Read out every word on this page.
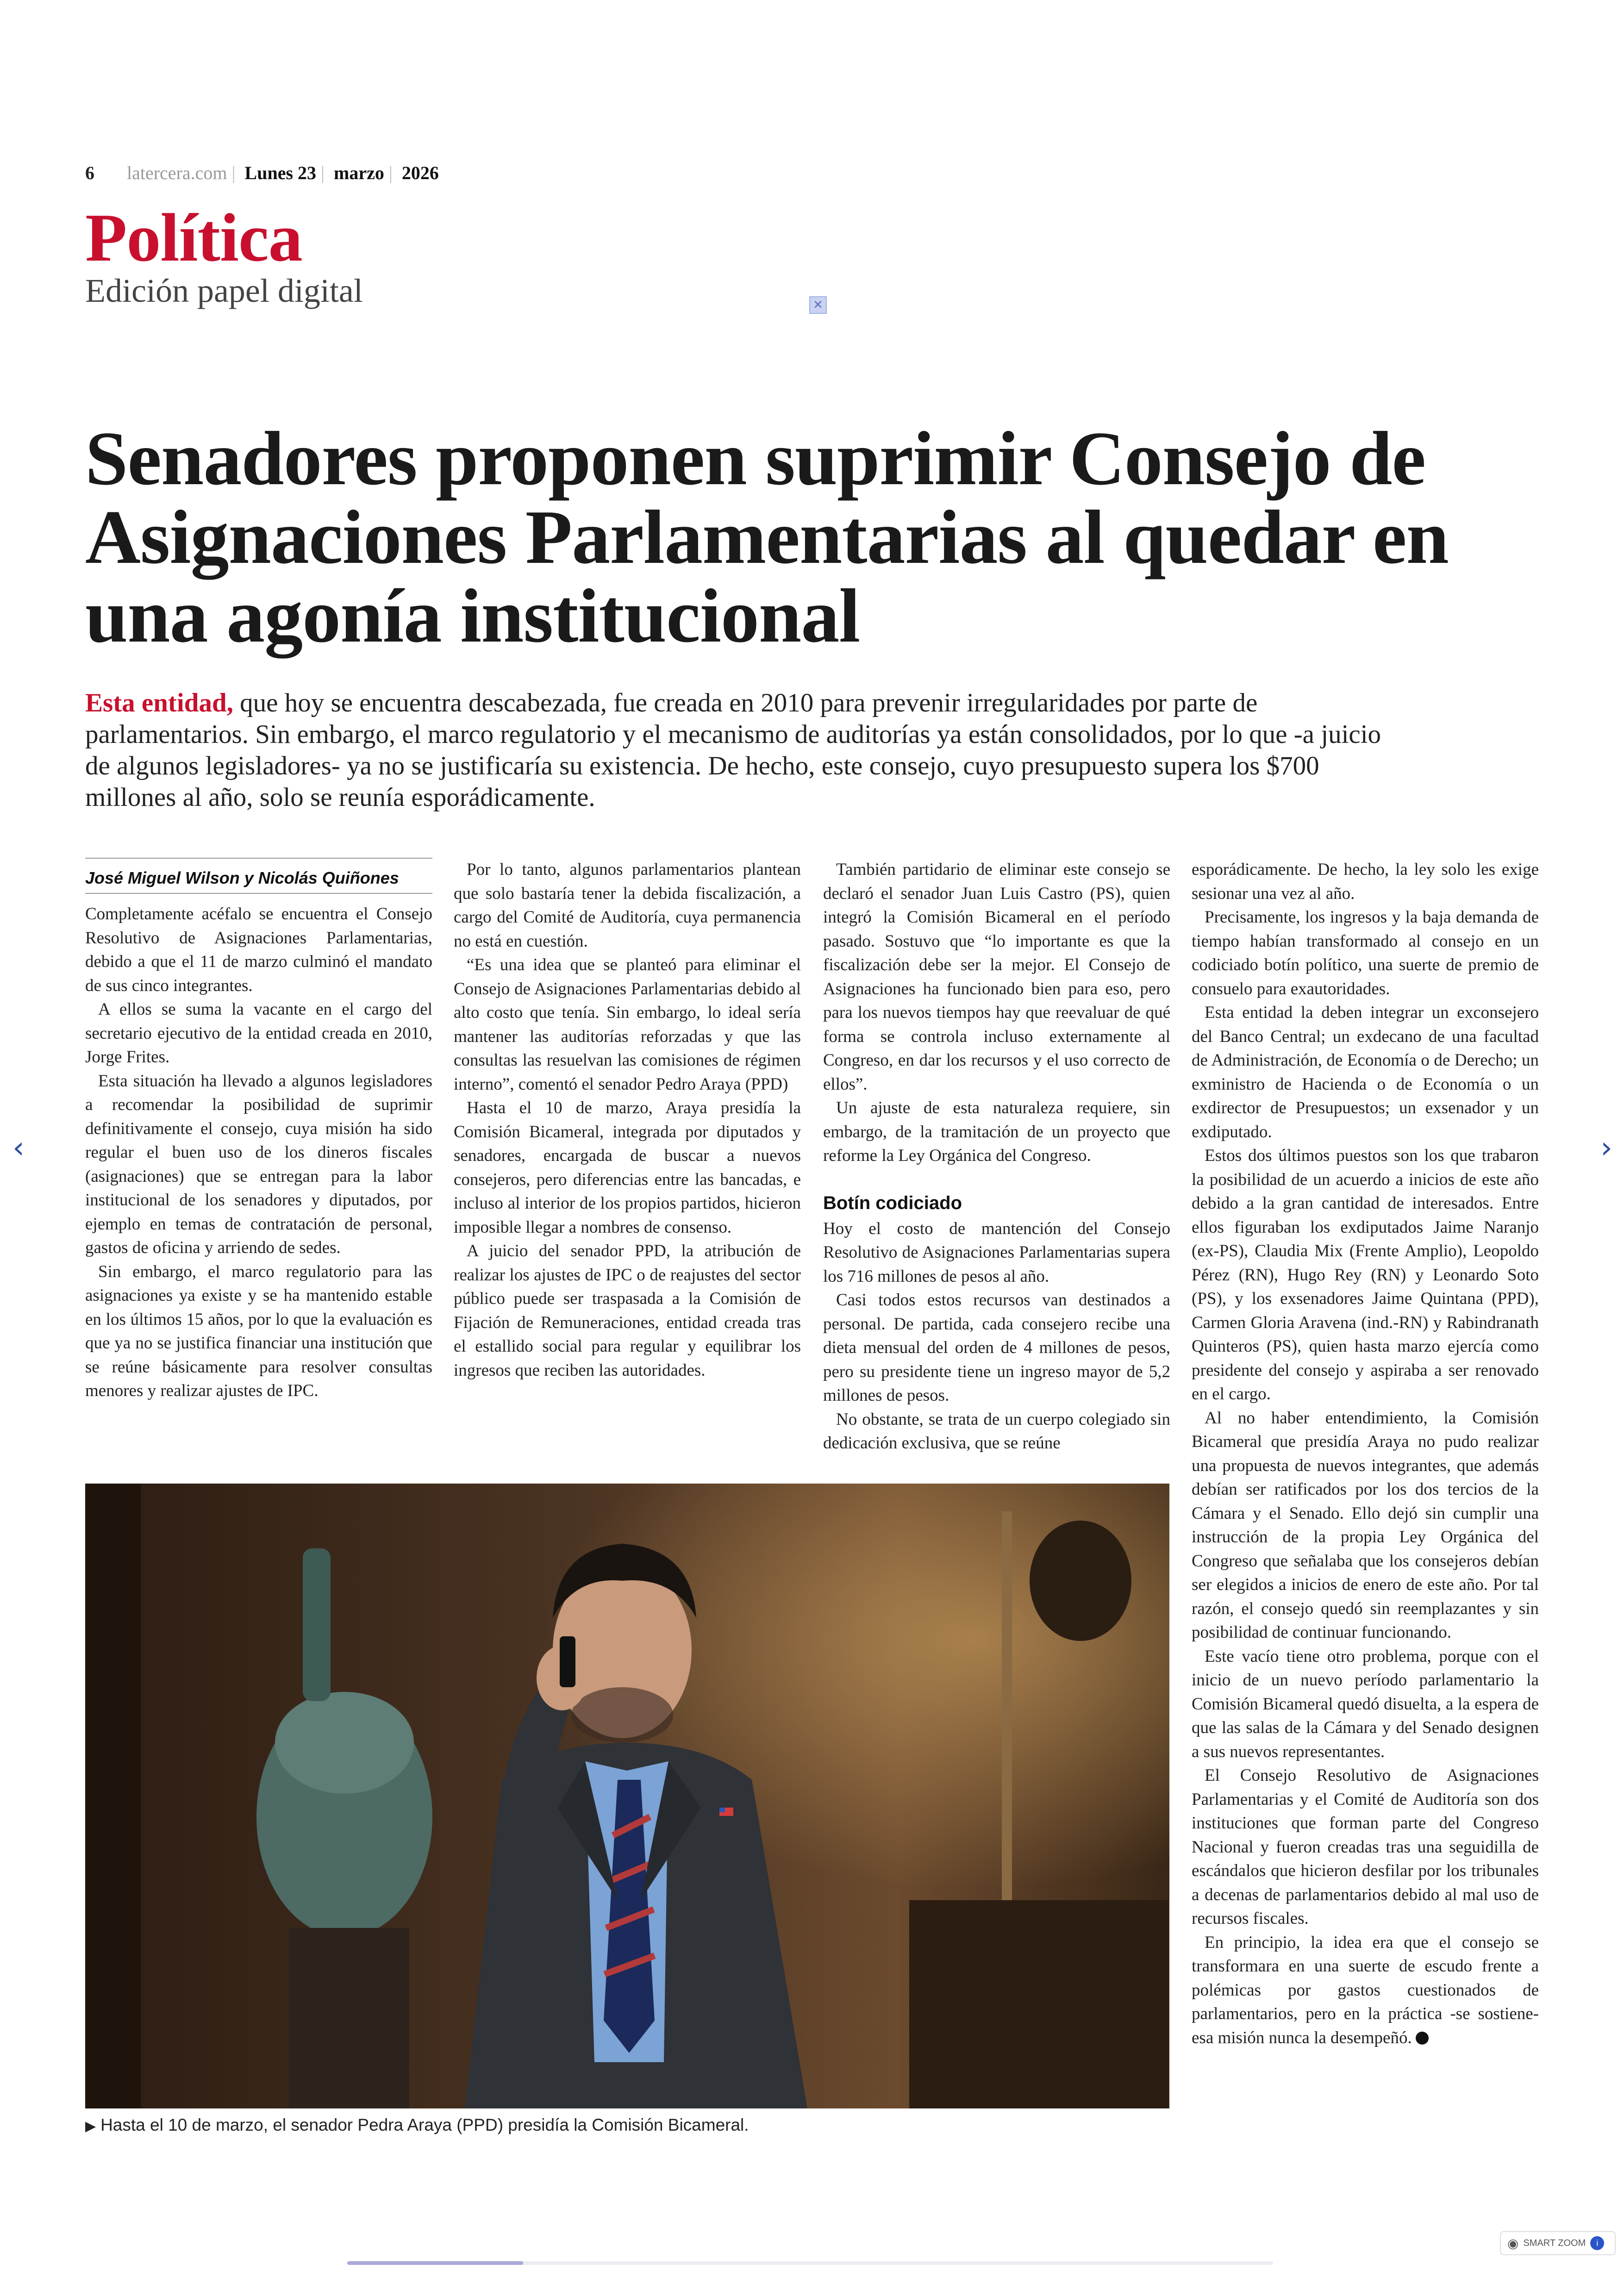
6 latercera.com | Lunes 23 | marzo | 2026
Política
Edición papel digital	✕
Senadores proponen suprimir Consejo de Asignaciones Parlamentarias al quedar en una agonía institucional
Esta entidad, que hoy se encuentra descabezada, fue creada en 2010 para prevenir irregularidades por parte de parlamentarios. Sin embargo, el marco regulatorio y el mecanismo de auditorías ya están consolidados, por lo que -a juicio de algunos legisladores- ya no se justificaría su existencia. De hecho, este consejo, cuyo presupuesto supera los $700 millones al año, solo se reunía esporádicamente.
José Miguel Wilson y Nicolás Quiñones

Completamente acéfalo se encuentra el Consejo Resolutivo de Asignaciones Parlamentarias, debido a que el 11 de marzo culminó el mandato de sus cinco integrantes.

A ellos se suma la vacante en el cargo del secretario ejecutivo de la entidad creada en 2010, Jorge Frites.

Esta situación ha llevado a algunos legisladores a recomendar la posibilidad de suprimir definitivamente el consejo, cuya misión ha sido regular el buen uso de los dineros fiscales (asignaciones) que se entregan para la labor institucional de los senadores y diputados, por ejemplo en temas de contratación de personal, gastos de oficina y arriendo de sedes.

Sin embargo, el marco regulatorio para las asignaciones ya existe y se ha mantenido estable en los últimos 15 años, por lo que la evaluación es que ya no se justifica financiar una institución que se reúne básicamente para resolver consultas menores y realizar ajustes de IPC.

Por lo tanto, algunos parlamentarios plantean que solo bastaría tener la debida fiscalización, a cargo del Comité de Auditoría, cuya permanencia no está en cuestión.

“Es una idea que se planteó para eliminar el Consejo de Asignaciones Parlamentarias debido al alto costo que tenía. Sin embargo, lo ideal sería mantener las auditorías reforzadas y que las consultas las resuelvan las comisiones de régimen interno”, comentó el senador Pedro Araya (PPD)

Hasta el 10 de marzo, Araya presidía la Comisión Bicameral, integrada por diputados y senadores, encargada de buscar a nuevos consejeros, pero diferencias entre las bancadas, e incluso al interior de los propios partidos, hicieron imposible llegar a nombres de consenso.

A juicio del senador PPD, la atribución de realizar los ajustes de IPC o de reajustes del sector público puede ser traspasada a la Comisión de Fijación de Remuneraciones, entidad creada tras el estallido social para regular y equilibrar los ingresos que reciben las autoridades.

También partidario de eliminar este consejo se declaró el senador Juan Luis Castro (PS), quien integró la Comisión Bicameral en el período pasado. Sostuvo que “lo importante es que la fiscalización debe ser la mejor. El Consejo de Asignaciones ha funcionado bien para eso, pero para los nuevos tiempos hay que reevaluar de qué forma se controla incluso externamente al Congreso, en dar los recursos y el uso correcto de ellos”.

Un ajuste de esta naturaleza requiere, sin embargo, de la tramitación de un proyecto que reforme la Ley Orgánica del Congreso.

Botín codiciado

Hoy el costo de mantención del Consejo Resolutivo de Asignaciones Parlamentarias supera los 716 millones de pesos al año.

Casi todos estos recursos van destinados a personal. De partida, cada consejero recibe una dieta mensual del orden de 4 millones de pesos, pero su presidente tiene un ingreso mayor de 5,2 millones de pesos.

No obstante, se trata de un cuerpo colegiado sin dedicación exclusiva, que se reúne

esporádicamente. De hecho, la ley solo les exige sesionar una vez al año.

Precisamente, los ingresos y la baja demanda de tiempo habían transformado al consejo en un codiciado botín político, una suerte de premio de consuelo para exautoridades.

Esta entidad la deben integrar un exconsejero del Banco Central; un exdecano de una facultad de Administración, de Economía o de Derecho; un exministro de Hacienda o de Economía o un exdirector de Presupuestos; un exsenador y un exdiputado.

Estos dos últimos puestos son los que trabaron la posibilidad de un acuerdo a inicios de este año debido a la gran cantidad de interesados. Entre ellos figuraban los exdiputados Jaime Naranjo (ex-PS), Claudia Mix (Frente Amplio), Leopoldo Pérez (RN), Hugo Rey (RN) y Leonardo Soto (PS), y los exsenadores Jaime Quintana (PPD), Carmen Gloria Aravena (ind.-RN) y Rabindranath Quinteros (PS), quien hasta marzo ejercía como presidente del consejo y aspiraba a ser renovado en el cargo.

Al no haber entendimiento, la Comisión Bicameral que presidía Araya no pudo realizar una propuesta de nuevos integrantes, que además debían ser ratificados por los dos tercios de la Cámara y el Senado. Ello dejó sin cumplir una instrucción de la propia Ley Orgánica del Congreso que señalaba que los consejeros debían ser elegidos a inicios de enero de este año. Por tal razón, el consejo quedó sin reemplazantes y sin posibilidad de continuar funcionando.

Este vacío tiene otro problema, porque con el inicio de un nuevo período parlamentario la Comisión Bicameral quedó disuelta, a la espera de que las salas de la Cámara y del Senado designen a sus nuevos representantes.

El Consejo Resolutivo de Asignaciones Parlamentarias y el Comité de Auditoría son dos instituciones que forman parte del Congreso Nacional y fueron creadas tras una seguidilla de escándalos que hicieron desfilar por los tribunales a decenas de parlamentarios debido al mal uso de recursos fiscales.

En principio, la idea era que el consejo se transformara en una suerte de escudo frente a polémicas por gastos cuestionados de parlamentarios, pero en la práctica -se sostiene- esa misión nunca la desempeñó.

▶ Hasta el 10 de marzo, el senador Pedra Araya (PPD) presidía la Comisión Bicameral.
‹	›
◉ SMART ZOOM	i
